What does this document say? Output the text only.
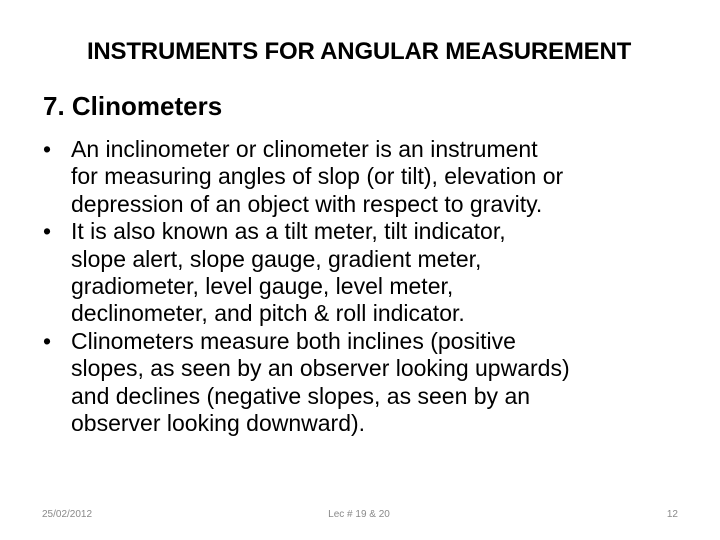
INSTRUMENTS FOR ANGULAR MEASUREMENT
7. Clinometers
• An inclinometer or clinometer is an instrument
for measuring angles of slop (or tilt), elevation or
depression of an object with respect to gravity.
• It is also known as a tilt meter, tilt indicator,
slope alert, slope gauge, gradient meter,
gradiometer, level gauge, level meter,
declinometer, and pitch & roll indicator.
• Clinometers measure both inclines (positive
slopes, as seen by an observer looking upwards)
and declines (negative slopes, as seen by an
observer looking downward).
25/02/2012	Lec # 19 & 20	12
